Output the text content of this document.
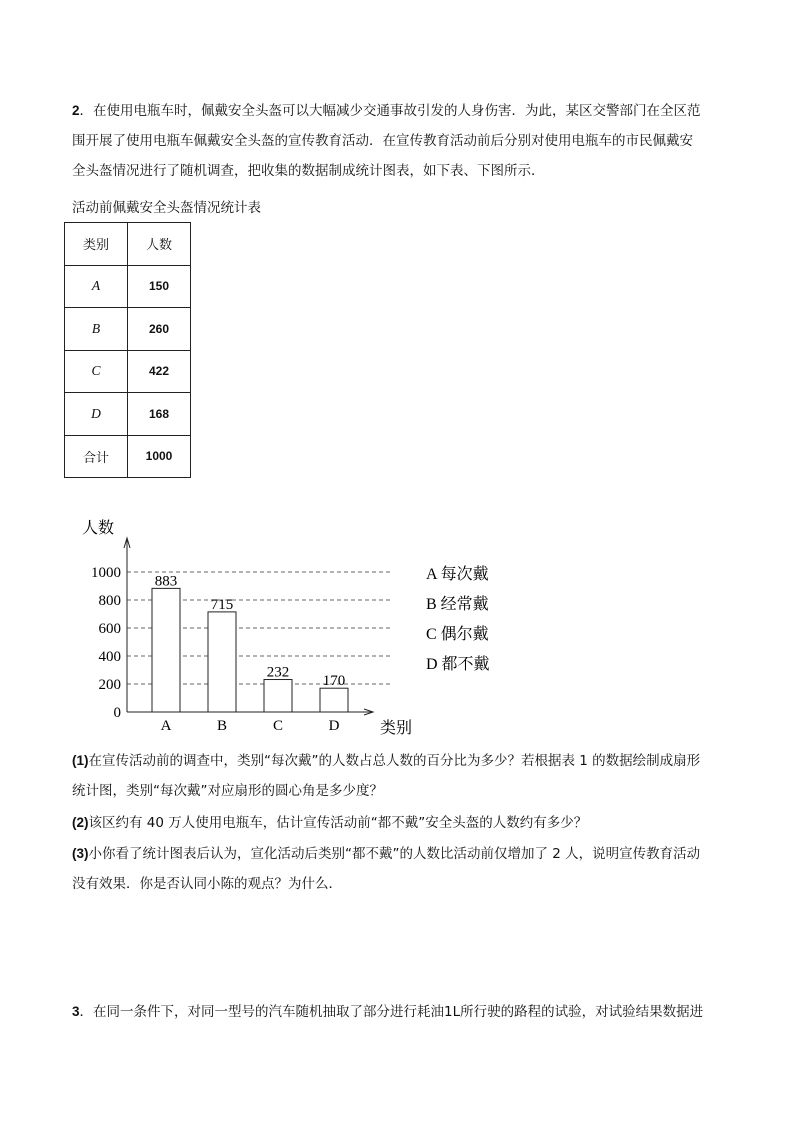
2．在使用电瓶车时，佩戴安全头盔可以大幅减少交通事故引发的人身伤害．为此，某区交警部门在全区范
围开展了使用电瓶车佩戴安全头盔的宣传教育活动．在宣传教育活动前后分别对使用电瓶车的市民佩戴安
全头盔情况进行了随机调查，把收集的数据制成统计图表，如下表、下图所示．
活动前佩戴安全头盔情况统计表
类别	人数
A	150
B	260
C	422
D	168
合计	1000
0
200
400
600
800
1000
883
A
715
B
232
C
170
D
人数
类别
A 每次戴
B 经常戴
C 偶尔戴
D 都不戴
(1)在宣传活动前的调查中，类别“每次戴”的人数占总人数的百分比为多少？若根据表 1 的数据绘制成扇形
统计图，类别“每次戴”对应扇形的圆心角是多少度？
(2)该区约有 40 万人使用电瓶车，估计宣传活动前“都不戴”安全头盔的人数约有多少？
(3)小你看了统计图表后认为，宣化活动后类别“都不戴”的人数比活动前仅增加了 2 人，说明宣传教育活动
没有效果．你是否认同小陈的观点？为什么．
3．在同一条件下，对同一型号的汽车随机抽取了部分进行耗油1L所行驶的路程的试验，对试验结果数据进
